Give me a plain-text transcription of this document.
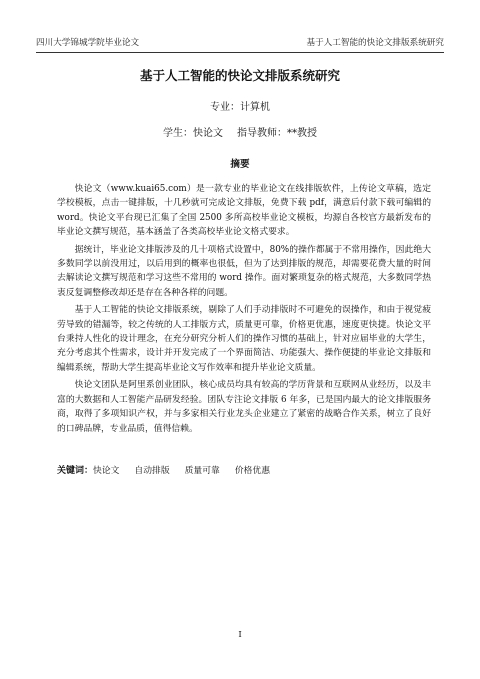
四川大学锦城学院毕业论文	基于人工智能的快论文排版系统研究
基于人工智能的快论文排版系统研究
专业：计算机
学生：快论文 指导教师：**教授
摘要

快论文（www.kuai65.com）是一款专业的毕业论文在线排版软件，上传论文草稿，选定学校模板，点击一键排版，十几秒就可完成论文排版，免费下载 pdf，满意后付款下载可编辑的 word。快论文平台现已汇集了全国 2500 多所高校毕业论文模板，均源自各校官方最新发布的毕业论文撰写规范，基本涵盖了各类高校毕业论文格式要求。

据统计，毕业论文排版涉及的几十项格式设置中，80%的操作都属于不常用操作，因此绝大多数同学以前没用过，以后用到的概率也很低，但为了达到排版的规范，却需要花费大量的时间去解读论文撰写规范和学习这些不常用的 word 操作。面对繁琐复杂的格式规范，大多数同学热衷反复调整修改却还是存在各种各样的问题。

基于人工智能的快论文排版系统，剔除了人们手动排版时不可避免的误操作，和由于视觉疲劳导致的错漏等，较之传统的人工排版方式，质量更可靠，价格更优惠，速度更快捷。快论文平台秉持人性化的设计理念，在充分研究分析人们的操作习惯的基础上，针对应届毕业的大学生，充分考虑其个性需求，设计并开发完成了一个界面简洁、功能强大、操作便捷的毕业论文排版和编辑系统，帮助大学生提高毕业论文写作效率和提升毕业论文质量。

快论文团队是阿里系创业团队，核心成员均具有较高的学历背景和互联网从业经历，以及丰富的大数据和人工智能产品研发经验。团队专注论文排版 6 年多，已是国内最大的论文排版服务商，取得了多项知识产权，并与多家相关行业龙头企业建立了紧密的战略合作关系，树立了良好的口碑品牌，专业品质，值得信赖。

关键词：快论文 自动排版 质量可靠 价格优惠
I
